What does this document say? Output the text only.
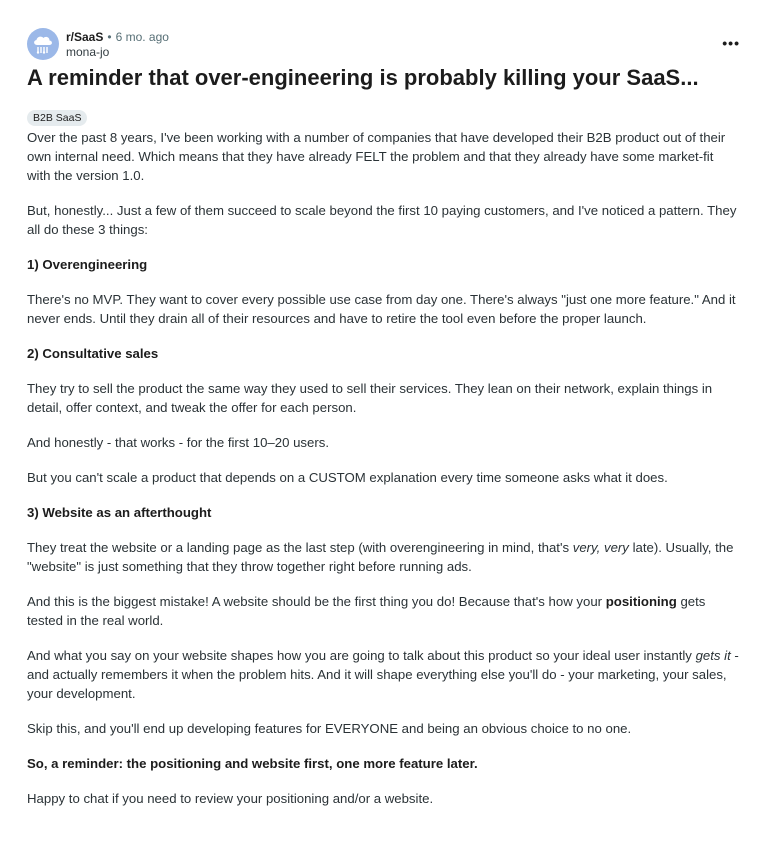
r/SaaS • 6 mo. ago
mona-jo
•••
A reminder that over-engineering is probably killing your SaaS...
B2B SaaS

Over the past 8 years, I've been working with a number of companies that have developed their B2B product out of their own internal need. Which means that they have already FELT the problem and that they already have some market-fit with the version 1.0.

But, honestly... Just a few of them succeed to scale beyond the first 10 paying customers, and I've noticed a pattern. They all do these 3 things:

1) Overengineering

There's no MVP. They want to cover every possible use case from day one. There's always "just one more feature." And it never ends. Until they drain all of their resources and have to retire the tool even before the proper launch.

2) Consultative sales

They try to sell the product the same way they used to sell their services. They lean on their network, explain things in detail, offer context, and tweak the offer for each person.

And honestly - that works - for the first 10–20 users.

But you can't scale a product that depends on a CUSTOM explanation every time someone asks what it does.

3) Website as an afterthought

They treat the website or a landing page as the last step (with overengineering in mind, that's very, very late). Usually, the "website" is just something that they throw together right before running ads.

And this is the biggest mistake! A website should be the first thing you do! Because that's how your positioning gets tested in the real world.

And what you say on your website shapes how you are going to talk about this product so your ideal user instantly gets it - and actually remembers it when the problem hits. And it will shape everything else you'll do - your marketing, your sales, your development.

Skip this, and you'll end up developing features for EVERYONE and being an obvious choice to no one.

So, a reminder: the positioning and website first, one more feature later.

Happy to chat if you need to review your positioning and/or a website.
